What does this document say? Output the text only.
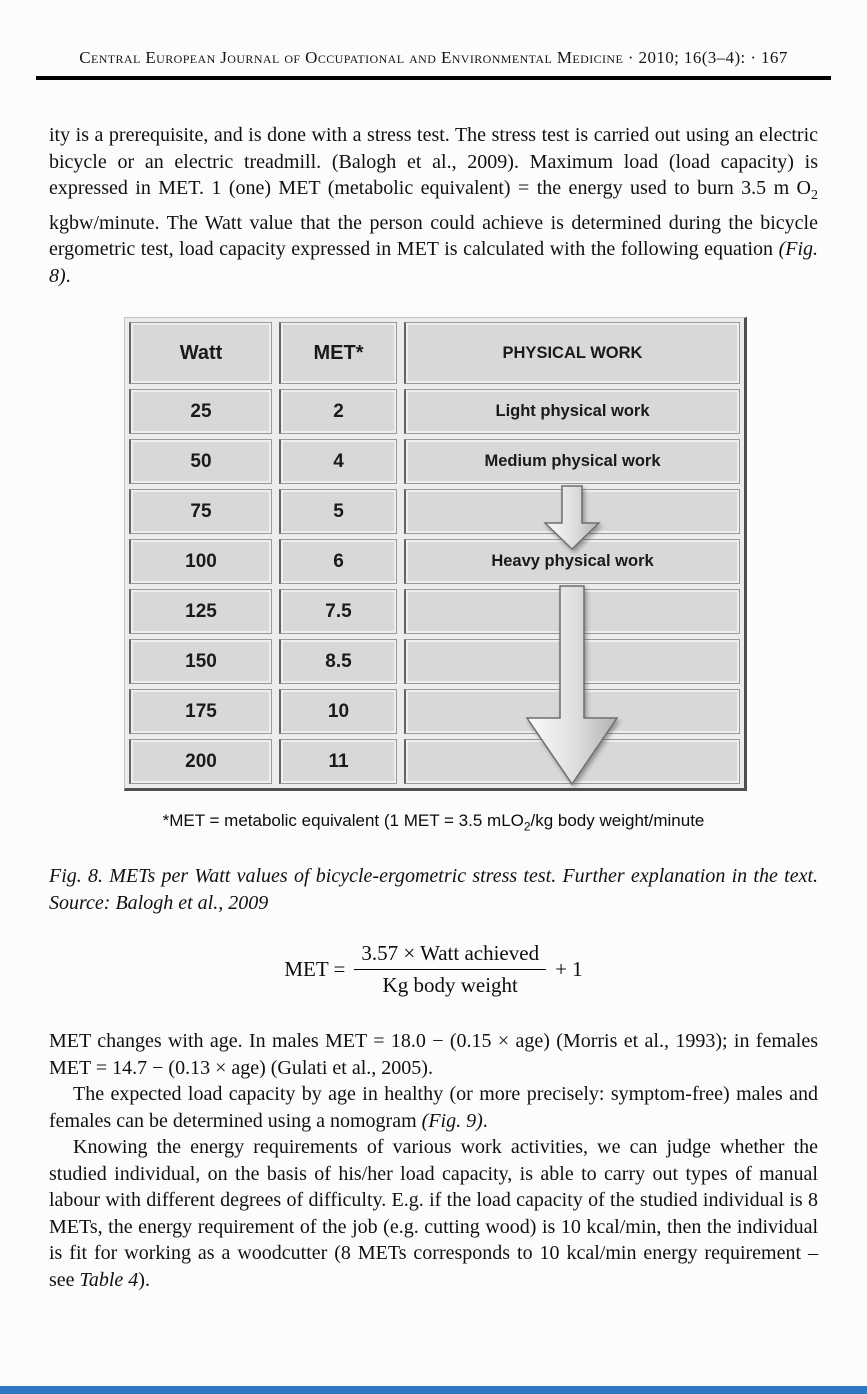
Central European Journal of Occupational and Environmental Medicine · 2010; 16(3–4): · 167

ity is a prerequisite, and is done with a stress test. The stress test is carried out using an electric bicycle or an electric treadmill. (Balogh et al., 2009). Maximum load (load capacity) is expressed in MET. 1 (one) MET (metabolic equivalent) = the energy used to burn 3.5 m $O_2$ kgbw/minute. The Watt value that the person could achieve is determined during the bicycle ergometric test, load capacity expressed in MET is calculated with the following equation (Fig. 8).

Watt	MET*	PHYSICAL WORK
25	2	Light physical work
50	4	Medium physical work
75	5
100	6	Heavy physical work
125	7.5
150	8.5
175	10
200	11
*MET = metabolic equivalent (1 MET = 3.5 mLO$_2$/kg body weight/minute

Fig. 8. METs per Watt values of bicycle-ergometric stress test. Further explanation in the text. Source: Balogh et al., 2009

MET = $\frac{\text{3.57 × Watt achieved}}{\text{Kg body weight}} + 1$

MET changes with age. In males MET = 18.0 − (0.15 × age) (Morris et al., 1993); in females MET = 14.7 − (0.13 × age) (Gulati et al., 2005).

The expected load capacity by age in healthy (or more precisely: symptom-free) males and females can be determined using a nomogram (Fig. 9).

Knowing the energy requirements of various work activities, we can judge whether the studied individual, on the basis of his/her load capacity, is able to carry out types of manual labour with different degrees of difficulty. E.g. if the load capacity of the studied individual is 8 METs, the energy requirement of the job (e.g. cutting wood) is 10 kcal/min, then the individual is fit for working as a woodcutter (8 METs corresponds to 10 kcal/min energy requirement – see Table 4).
